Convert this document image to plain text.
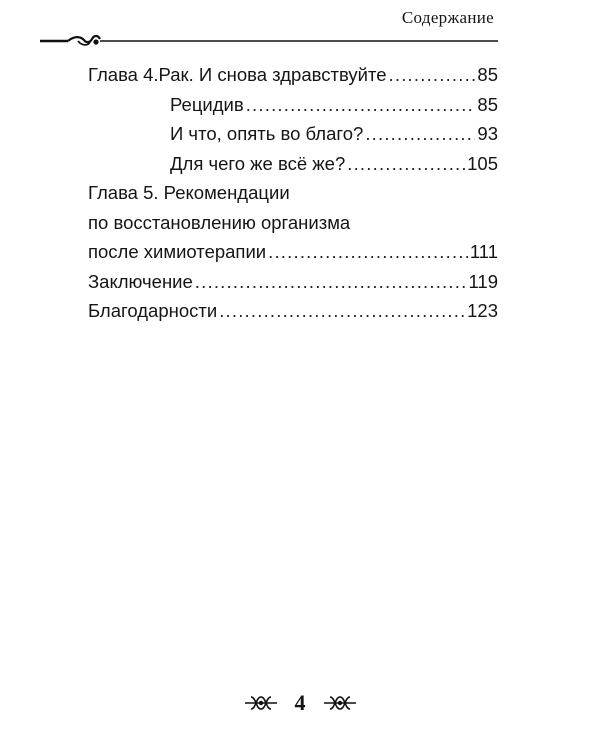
Содержание
Глава 4. Рак. И снова здравствуйте .....	85
Рецидив .....	85
И что, опять во благо? .....	93
Для чего же всё же? .....	105
Глава 5. Рекомендации
по восстановлению организма
после химиотерапии .....	111
Заключение .....	119
Благодарности .....	123
4
